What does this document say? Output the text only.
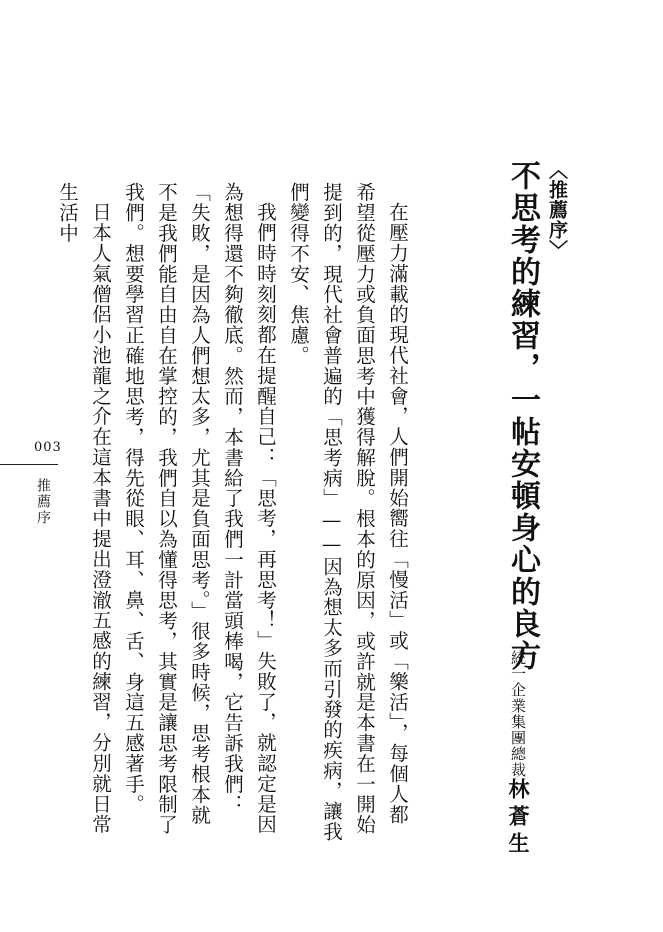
〈推薦序〉
不思考的練習，一帖安頓身心的良方
統一企業集團總裁林蒼生

在壓力滿載的現代社會，人們開始嚮往「慢活」或「樂活」，每個人都希望從壓力或負面思考中獲得解脫。根本的原因，或許就是本書在一開始提到的，現代社會普遍的「思考病」——因為想太多而引發的疾病，讓我們變得不安、焦慮。

我們時時刻刻都在提醒自己：「思考，再思考！」失敗了，就認定是因為想得還不夠徹底。然而，本書給了我們一計當頭棒喝，它告訴我們：「失敗，是因為人們想太多，尤其是負面思考。」很多時候，思考根本就不是我們能自由自在掌控的，我們自以為懂得思考，其實是讓思考限制了我們。想要學習正確地思考，得先從眼、耳、鼻、舌、身這五感著手。

日本人氣僧侶小池龍之介在這本書中提出澄澈五感的練習，分別就日常生活中

003
推薦序
